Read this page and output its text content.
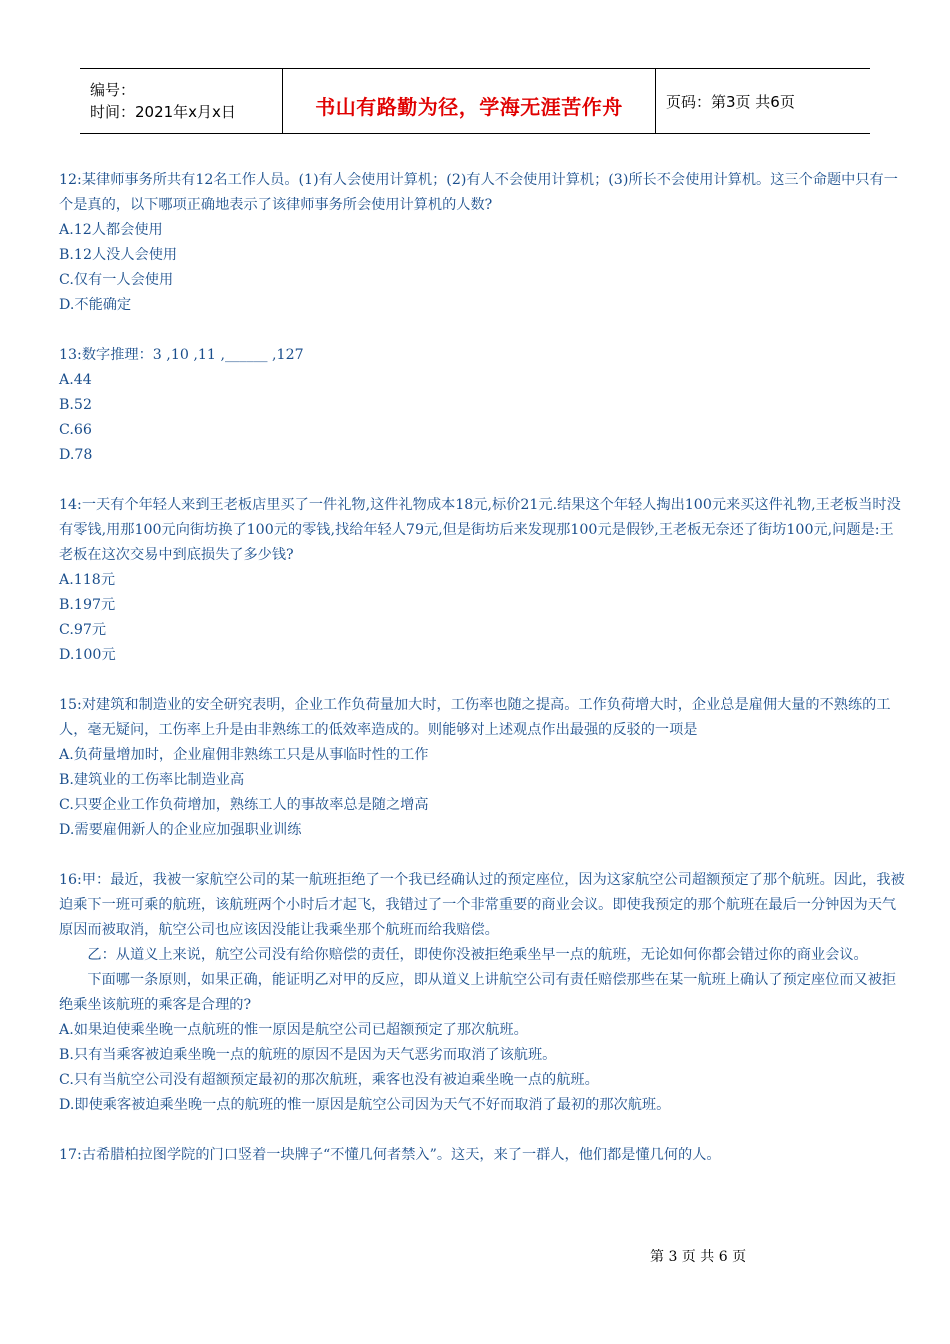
编号：
时间：2021年x月x日	书山有路勤为径，学海无涯苦作舟	页码：第3页 共6页

12:某律师事务所共有12名工作人员。(1)有人会使用计算机；(2)有人不会使用计算机；(3)所长不会使用计算机。这三个命题中只有一个是真的，以下哪项正确地表示了该律师事务所会使用计算机的人数?

A.12人都会使用

B.12人没人会使用

C.仅有一人会使用

D.不能确定

13:数字推理：3 ,10 ,11 ,______ ,127

A.44

B.52

C.66

D.78

14:一天有个年轻人来到王老板店里买了一件礼物,这件礼物成本18元,标价21元.结果这个年轻人掏出100元来买这件礼物,王老板当时没有零钱,用那100元向街坊换了100元的零钱,找给年轻人79元,但是街坊后来发现那100元是假钞,王老板无奈还了街坊100元,问题是:王老板在这次交易中到底损失了多少钱?

A.118元

B.197元

C.97元

D.100元

15:对建筑和制造业的安全研究表明，企业工作负荷量加大时，工伤率也随之提高。工作负荷增大时，企业总是雇佣大量的不熟练的工人，毫无疑问，工伤率上升是由非熟练工的低效率造成的。则能够对上述观点作出最强的反驳的一项是

A.负荷量增加时，企业雇佣非熟练工只是从事临时性的工作

B.建筑业的工伤率比制造业高

C.只要企业工作负荷增加，熟练工人的事故率总是随之增高

D.需要雇佣新人的企业应加强职业训练

16:甲：最近，我被一家航空公司的某一航班拒绝了一个我已经确认过的预定座位，因为这家航空公司超额预定了那个航班。因此，我被迫乘下一班可乘的航班，该航班两个小时后才起飞，我错过了一个非常重要的商业会议。即使我预定的那个航班在最后一分钟因为天气原因而被取消，航空公司也应该因没能让我乘坐那个航班而给我赔偿。

乙：从道义上来说，航空公司没有给你赔偿的责任，即使你没被拒绝乘坐早一点的航班，无论如何你都会错过你的商业会议。

下面哪一条原则，如果正确，能证明乙对甲的反应，即从道义上讲航空公司有责任赔偿那些在某一航班上确认了预定座位而又被拒绝乘坐该航班的乘客是合理的?

A.如果迫使乘坐晚一点航班的惟一原因是航空公司已超额预定了那次航班。

B.只有当乘客被迫乘坐晚一点的航班的原因不是因为天气恶劣而取消了该航班。

C.只有当航空公司没有超额预定最初的那次航班，乘客也没有被迫乘坐晚一点的航班。

D.即使乘客被迫乘坐晚一点的航班的惟一原因是航空公司因为天气不好而取消了最初的那次航班。

17:古希腊柏拉图学院的门口竖着一块牌子“不懂几何者禁入”。这天，来了一群人，他们都是懂几何的人。

第 3 页 共 6 页
